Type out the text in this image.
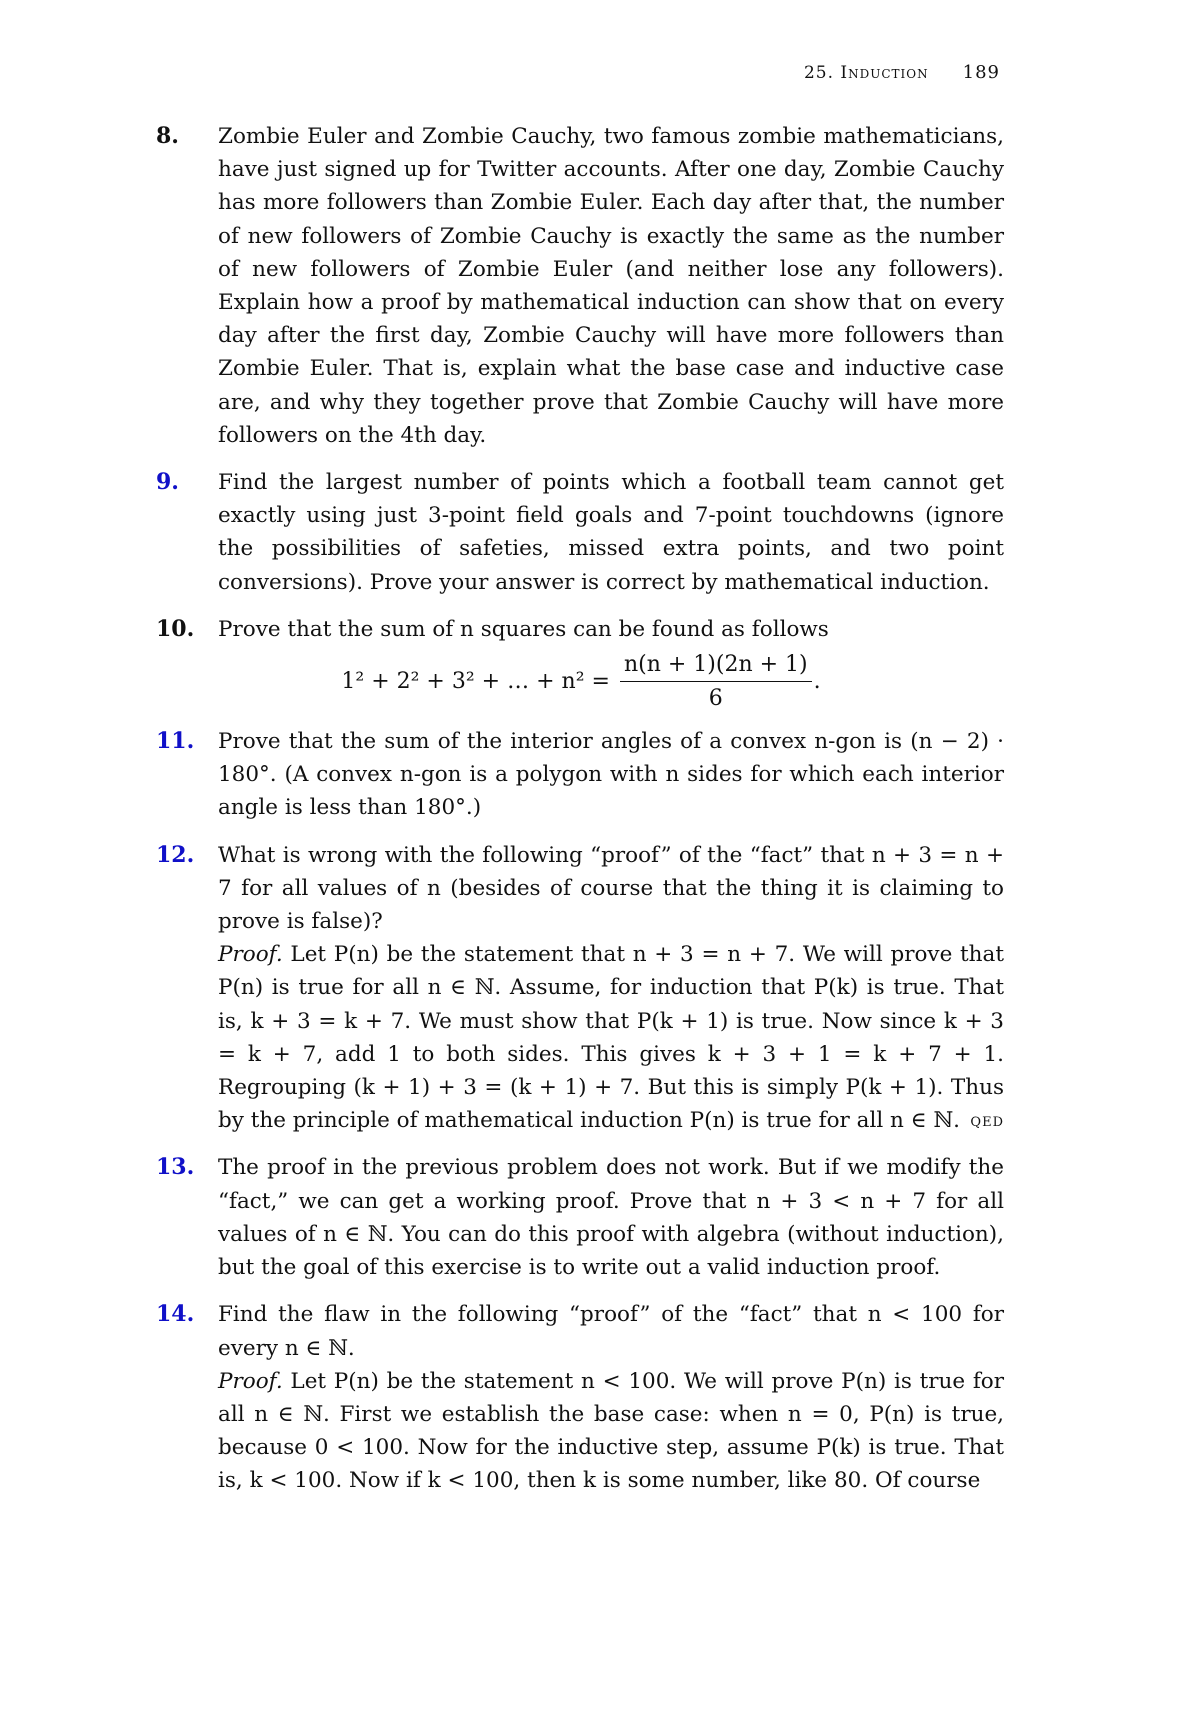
25. Induction 189
8. Zombie Euler and Zombie Cauchy, two famous zombie mathematicians, have just signed up for Twitter accounts. After one day, Zombie Cauchy has more followers than Zombie Euler. Each day after that, the number of new followers of Zombie Cauchy is exactly the same as the number of new followers of Zombie Euler (and neither lose any followers). Explain how a proof by mathematical induction can show that on every day after the first day, Zombie Cauchy will have more followers than Zombie Euler. That is, explain what the base case and inductive case are, and why they together prove that Zombie Cauchy will have more followers on the 4th day.

9. Find the largest number of points which a football team cannot get exactly using just 3-point field goals and 7-point touchdowns (ignore the possibilities of safeties, missed extra points, and two point conversions). Prove your answer is correct by mathematical induction.

10. Prove that the sum of n squares can be found as follows

1² + 2² + 3² + … + $n^2 = \frac{n(n + 1)(2n + 1)}{6}$ .
11. Prove that the sum of the interior angles of a convex n-gon is (n − 2) · 180°. (A convex n-gon is a polygon with n sides for which each interior angle is less than 180°.)

12. What is wrong with the following “proof” of the “fact” that n + 3 = n + 7 for all values of n (besides of course that the thing it is claiming to prove is false)?

Proof. Let P(n) be the statement that n + 3 = n + 7. We will prove that P(n) is true for all n ∈ ℕ. Assume, for induction that P(k) is true. That is, k + 3 = k + 7. We must show that P(k + 1) is true. Now since k + 3 = k + 7, add 1 to both sides. This gives k + 3 + 1 = k + 7 + 1. Regrouping (k + 1) + 3 = (k + 1) + 7. But this is simply P(k + 1). Thus by the principle of mathematical induction P(n) is true for all n ∈ ℕ. qed

13. The proof in the previous problem does not work. But if we modify the “fact,” we can get a working proof. Prove that n + 3 < n + 7 for all values of n ∈ ℕ. You can do this proof with algebra (without induction), but the goal of this exercise is to write out a valid induction proof.

14. Find the flaw in the following “proof” of the “fact” that n < 100 for every n ∈ ℕ.

Proof. Let P(n) be the statement n < 100. We will prove P(n) is true for all n ∈ ℕ. First we establish the base case: when n = 0, P(n) is true, because 0 < 100. Now for the inductive step, assume P(k) is true. That is, k < 100. Now if k < 100, then k is some number, like 80. Of course
